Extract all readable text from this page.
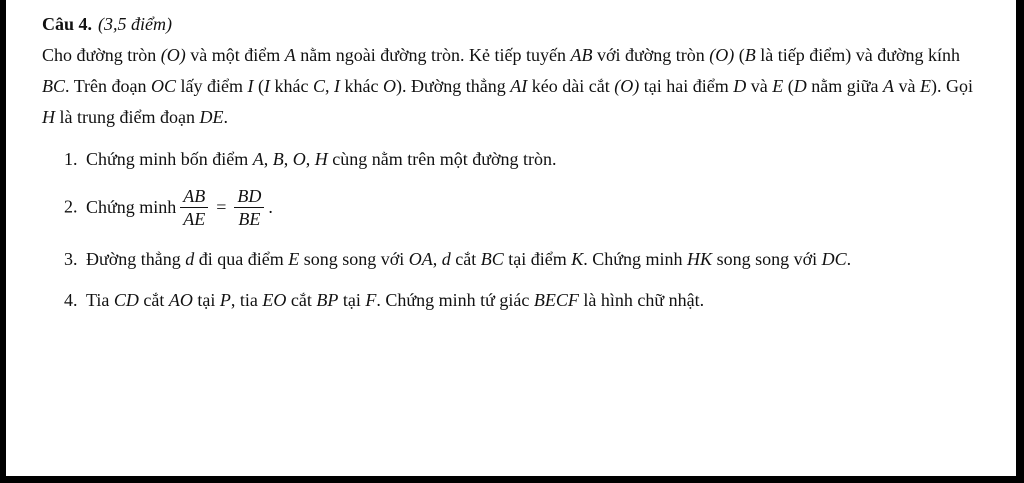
Câu 4. (3,5 điểm)

Cho đường tròn (O) và một điểm A nằm ngoài đường tròn. Kẻ tiếp tuyến AB với đường tròn (O) (B là tiếp điểm) và đường kính BC. Trên đoạn OC lấy điểm I (I khác C, I khác O). Đường thẳng AI kéo dài cắt (O) tại hai điểm D và E (D nằm giữa A và E). Gọi H là trung điểm đoạn DE.

1. Chứng minh bốn điểm A, B, O, H cùng nằm trên một đường tròn.
2. Chứng minh $\frac{AB}{AE} = \frac{BD}{BE}$ .
3. Đường thẳng d đi qua điểm E song song với OA, d cắt BC tại điểm K. Chứng minh HK song song với DC.
4. Tia CD cắt AO tại P, tia EO cắt BP tại F. Chứng minh tứ giác BECF là hình chữ nhật.
